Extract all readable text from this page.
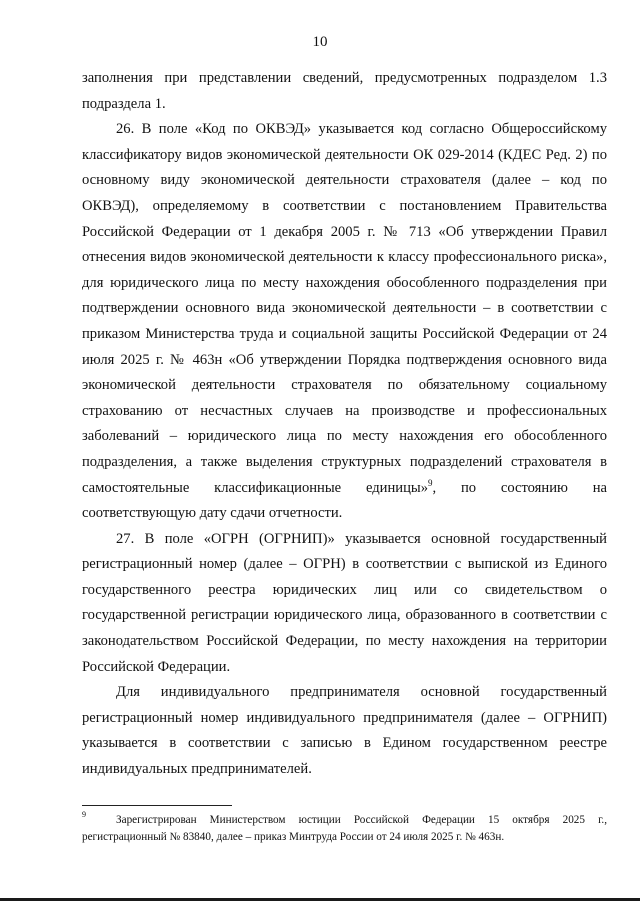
10

заполнения при представлении сведений, предусмотренных подразделом 1.3 подраздела 1.

26. В поле «Код по ОКВЭД» указывается код согласно Общероссийскому классификатору видов экономической деятельности ОК 029-2014 (КДЕС Ред. 2) по основному виду экономической деятельности страхователя (далее – код по ОКВЭД), определяемому в соответствии с постановлением Правительства Российской Федерации от 1 декабря 2005 г. № 713 «Об утверждении Правил отнесения видов экономической деятельности к классу профессионального риска», для юридического лица по месту нахождения обособленного подразделения при подтверждении основного вида экономической деятельности – в соответствии с приказом Министерства труда и социальной защиты Российской Федерации от 24 июля 2025 г. № 463н «Об утверждении Порядка подтверждения основного вида экономической деятельности страхователя по обязательному социальному страхованию от несчастных случаев на производстве и профессиональных заболеваний – юридического лица по месту нахождения его обособленного подразделения, а также выделения структурных подразделений страхователя в самостоятельные классификационные единицы»$^9$, по состоянию на соответствующую дату сдачи отчетности.

27. В поле «ОГРН (ОГРНИП)» указывается основной государственный регистрационный номер (далее – ОГРН) в соответствии с выпиской из Единого государственного реестра юридических лиц или со свидетельством о государственной регистрации юридического лица, образованного в соответствии с законодательством Российской Федерации, по месту нахождения на территории Российской Федерации.

Для индивидуального предпринимателя основной государственный регистрационный номер индивидуального предпринимателя (далее – ОГРНИП) указывается в соответствии с записью в Едином государственном реестре индивидуальных предпринимателей.

9	Зарегистрирован Министерством юстиции Российской Федерации 15 октября 2025 г., регистрационный № 83840, далее – приказ Минтруда России от 24 июля 2025 г. № 463н.
